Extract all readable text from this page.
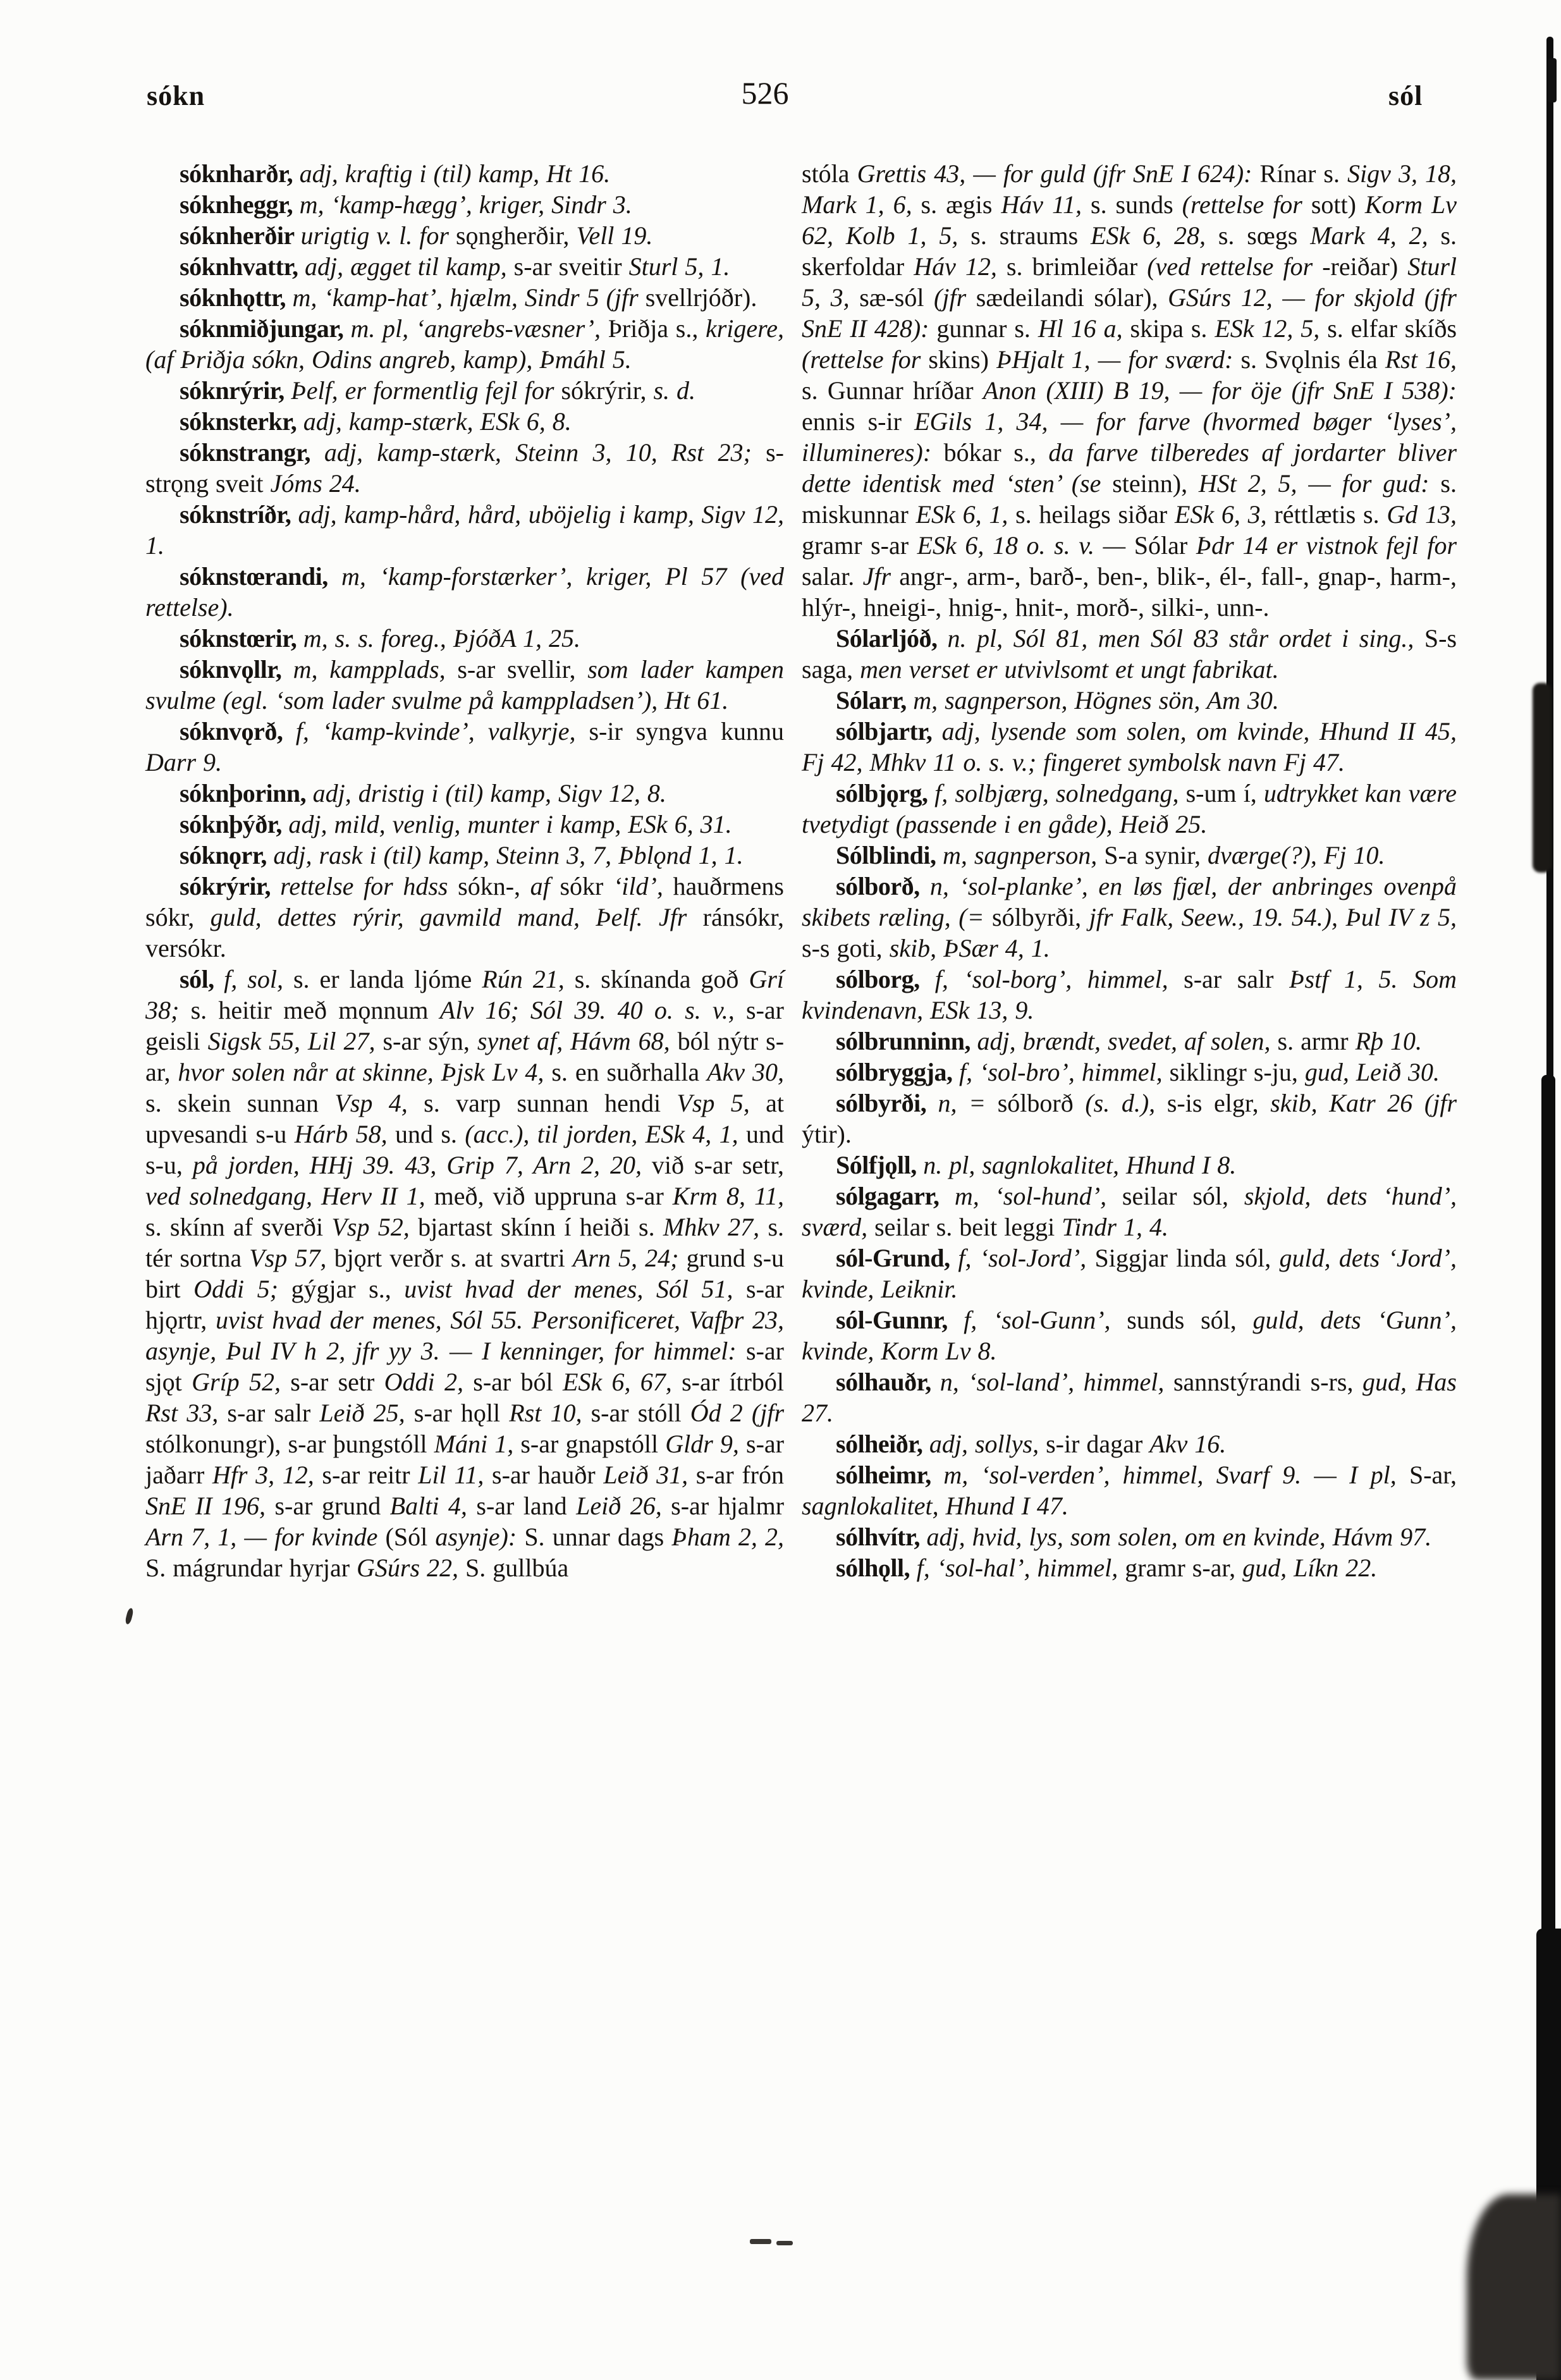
sókn	526	sól

sóknharðr, adj, kraftig i (til) kamp, Ht 16.

sóknheggr, m, ‘kamp-hægg’, kriger, Sindr 3.

sóknherðir urigtig v. l. for sǫngherðir, Vell 19.

sóknhvattr, adj, ægget til kamp, s-ar sveitir Sturl 5, 1.

sóknhǫttr, m, ‘kamp-hat’, hjælm, Sindr 5 (jfr svellrjóðr).

sóknmiðjungar, m. pl, ‘angrebs-væsner’, Þriðja s., krigere, (af Þriðja sókn, Odins angreb, kamp), Þmáhl 5.

sóknrýrir, Þelf, er formentlig fejl for sókrýrir, s. d.

sóknsterkr, adj, kamp-stærk, ESk 6, 8.

sóknstrangr, adj, kamp-stærk, Steinn 3, 10, Rst 23; s-strǫng sveit Jóms 24.

sóknstríðr, adj, kamp-hård, hård, uböjelig i kamp, Sigv 12, 1.

sóknstœrandi, m, ‘kamp-forstærker’, kriger, Pl 57 (ved rettelse).

sóknstœrir, m, s. s. foreg., ÞjóðA 1, 25.

sóknvǫllr, m, kampplads, s-ar svellir, som lader kampen svulme (egl. ‘som lader svulme på kamppladsen’), Ht 61.

sóknvǫrð, f, ‘kamp-kvinde’, valkyrje, s-ir syngva kunnu Darr 9.

sóknþorinn, adj, dristig i (til) kamp, Sigv 12, 8.

sóknþýðr, adj, mild, venlig, munter i kamp, ESk 6, 31.

sóknǫrr, adj, rask i (til) kamp, Steinn 3, 7, Þblǫnd 1, 1.

sókrýrir, rettelse for hdss sókn-, af sókr ‘ild’, hauðrmens sókr, guld, dettes rýrir, gavmild mand, Þelf. Jfr ránsókr, versókr.

sól, f, sol, s. er landa ljóme Rún 21, s. skínanda goð Grí 38; s. heitir með mǫnnum Alv 16; Sól 39. 40 o. s. v., s-ar geisli Sigsk 55, Lil 27, s-ar sýn, synet af, Hávm 68, ból nýtr s-ar, hvor solen når at skinne, Þjsk Lv 4, s. en suðrhalla Akv 30, s. skein sunnan Vsp 4, s. varp sunnan hendi Vsp 5, at upvesandi s-u Hárb 58, und s. (acc.), til jorden, ESk 4, 1, und s-u, på jorden, HHj 39. 43, Grip 7, Arn 2, 20, við s-ar setr, ved solnedgang, Herv II 1, með, við uppruna s-ar Krm 8, 11, s. skínn af sverði Vsp 52, bjartast skínn í heiði s. Mhkv 27, s. tér sortna Vsp 57, bjǫrt verðr s. at svartri Arn 5, 24; grund s-u birt Oddi 5; gýgjar s., uvist hvad der menes, Sól 51, s-ar hjǫrtr, uvist hvad der menes, Sól 55. Personificeret, Vafþr 23, asynje, Þul IV h 2, jfr yy 3. — I kenninger, for himmel: s-ar sjǫt Gríp 52, s-ar setr Oddi 2, s-ar ból ESk 6, 67, s-ar ítrból Rst 33, s-ar salr Leið 25, s-ar hǫll Rst 10, s-ar stóll Ód 2 (jfr stólkonungr), s-ar þungstóll Máni 1, s-ar gnapstóll Gldr 9, s-ar jaðarr Hfr 3, 12, s-ar reitr Lil 11, s-ar hauðr Leið 31, s-ar frón SnE II 196, s-ar grund Balti 4, s-ar land Leið 26, s-ar hjalmr Arn 7, 1, — for kvinde (Sól asynje): S. unnar dags Þham 2, 2, S. mágrundar hyrjar GSúrs 22, S. gullbúa

stóla Grettis 43, — for guld (jfr SnE I 624): Rínar s. Sigv 3, 18, Mark 1, 6, s. ægis Háv 11, s. sunds (rettelse for sott) Korm Lv 62, Kolb 1, 5, s. straums ESk 6, 28, s. sœgs Mark 4, 2, s. skerfoldar Háv 12, s. brimleiðar (ved rettelse for -reiðar) Sturl 5, 3, sæ-sól (jfr sædeilandi sólar), GSúrs 12, — for skjold (jfr SnE II 428): gunnar s. Hl 16 a, skipa s. ESk 12, 5, s. elfar skíðs (rettelse for skins) ÞHjalt 1, — for sværd: s. Svǫlnis éla Rst 16, s. Gunnar hríðar Anon (XIII) B 19, — for öje (jfr SnE I 538): ennis s-ir EGils 1, 34, — for farve (hvormed bøger ‘lyses’, illumineres): bókar s., da farve tilberedes af jordarter bliver dette identisk med ‘sten’ (se steinn), HSt 2, 5, — for gud: s. miskunnar ESk 6, 1, s. heilags siðar ESk 6, 3, réttlætis s. Gd 13, gramr s-ar ESk 6, 18 o. s. v. — Sólar Þdr 14 er vistnok fejl for salar. Jfr angr-, arm-, barð-, ben-, blik-, él-, fall-, gnap-, harm-, hlýr-, hneigi-, hnig-, hnit-, morð-, silki-, unn-.

Sólarljóð, n. pl, Sól 81, men Sól 83 står ordet i sing., S-s saga, men verset er utvivlsomt et ungt fabrikat.

Sólarr, m, sagnperson, Högnes sön, Am 30.

sólbjartr, adj, lysende som solen, om kvinde, Hhund II 45, Fj 42, Mhkv 11 o. s. v.; fingeret symbolsk navn Fj 47.

sólbjǫrg, f, solbjærg, solnedgang, s-um í, udtrykket kan være tvetydigt (passende i en gåde), Heið 25.

Sólblindi, m, sagnperson, S-a synir, dværge(?), Fj 10.

sólborð, n, ‘sol-planke’, en løs fjæl, der anbringes ovenpå skibets ræling, (= sólbyrði, jfr Falk, Seew., 19. 54.), Þul IV z 5, s-s goti, skib, ÞSær 4, 1.

sólborg, f, ‘sol-borg’, himmel, s-ar salr Þstf 1, 5. Som kvindenavn, ESk 13, 9.

sólbrunninn, adj, brændt, svedet, af solen, s. armr Rþ 10.

sólbryggja, f, ‘sol-bro’, himmel, siklingr s-ju, gud, Leið 30.

sólbyrði, n, = sólborð (s. d.), s-is elgr, skib, Katr 26 (jfr ýtir).

Sólfjǫll, n. pl, sagnlokalitet, Hhund I 8.

sólgagarr, m, ‘sol-hund’, seilar sól, skjold, dets ‘hund’, sværd, seilar s. beit leggi Tindr 1, 4.

sól-Grund, f, ‘sol-Jord’, Siggjar linda sól, guld, dets ‘Jord’, kvinde, Leiknir.

sól-Gunnr, f, ‘sol-Gunn’, sunds sól, guld, dets ‘Gunn’, kvinde, Korm Lv 8.

sólhauðr, n, ‘sol-land’, himmel, sannstýrandi s-rs, gud, Has 27.

sólheiðr, adj, sollys, s-ir dagar Akv 16.

sólheimr, m, ‘sol-verden’, himmel, Svarf 9. — I pl, S-ar, sagnlokalitet, Hhund I 47.

sólhvítr, adj, hvid, lys, som solen, om en kvinde, Hávm 97.

sólhǫll, f, ‘sol-hal’, himmel, gramr s-ar, gud, Líkn 22.
